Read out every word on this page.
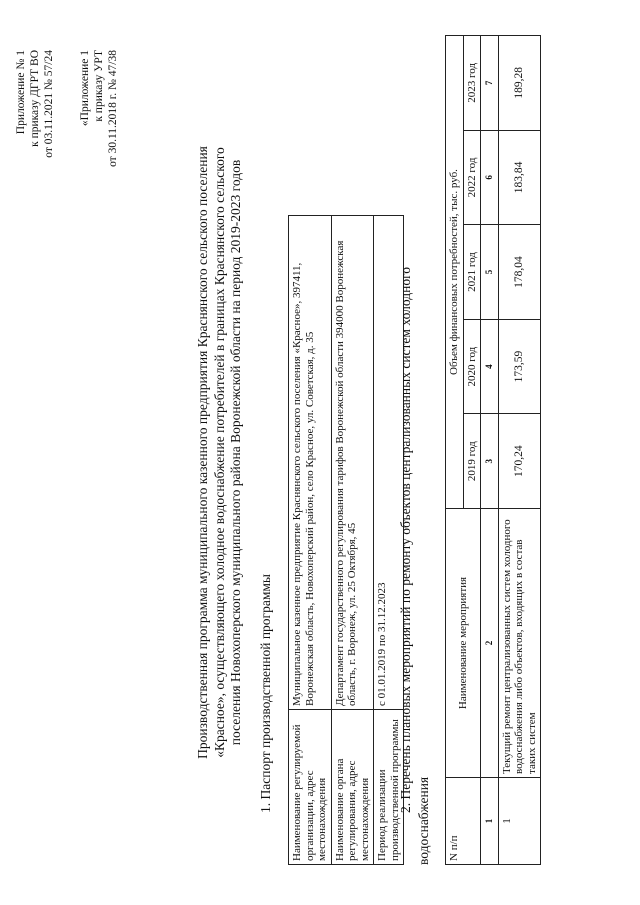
Приложение № 1 к приказу ДГРТ ВО от 03.11.2021 № 57/24 «Приложение 1 к приказу УРТ от 30.11.2018 г. № 47/38
Производственная программа муниципального казенного предприятия Краснянского сельского поселения «Красное», осуществляющего холодное водоснабжение потребителей в границах Краснянского сельского поселения Новохоперского муниципального района Воронежской области на период 2019-2023 годов 1. Паспорт производственной программы Наименование регулируемой организации, адрес местонахождения	Муниципальное казенное предприятие Краснянского сельского поселения «Красное», 397411, Воронежская область, Новохоперский район, село Красное, ул. Советская, д. 35
Наименование органа регулирования, адрес местонахождения	Департамент государственного регулирования тарифов Воронежской области 394000 Воронежская область, г. Воронеж, ул. 25 Октября, 45
Период реализации производственной программы	с 01.01.2019 по 31.12.2023 2. Перечень плановых мероприятий по ремонту объектов централизованных систем холодного
водоснабжения N п/п	Наименование мероприятия	Объем финансовых потребностей, тыс. руб.				
		2019 год	2020 год	2021 год	2022 год	2023 год
1	2	3	4	5	6	7
1	Текущий ремонт централизованных систем холодного водоснабжения либо объектов, входящих в состав таких систем	170,24	173,59	178,04	183,84	189,28
